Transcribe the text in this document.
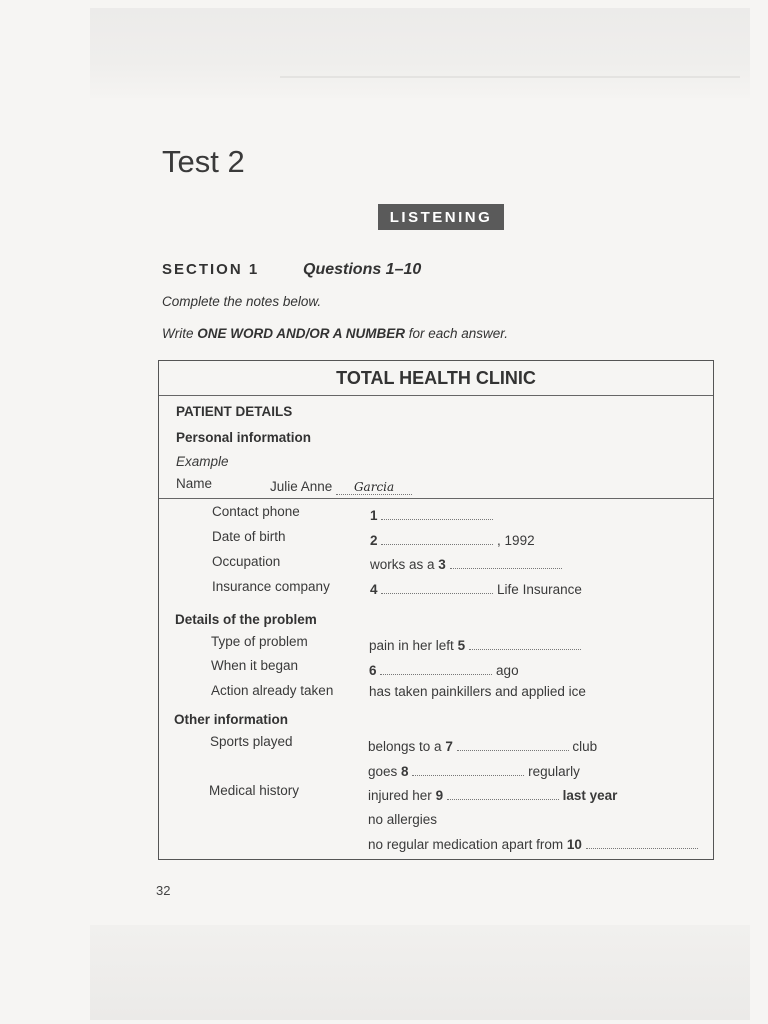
Test 2
LISTENING
SECTION 1	Questions 1–10
Complete the notes below.
Write ONE WORD AND/OR A NUMBER for each answer.
TOTAL HEALTH CLINIC
PATIENT DETAILS
Personal information
Example
Name	Julie Anne Garcia
Contact phone	1
Date of birth	2	, 1992
Occupation	works as a 3
Insurance company	4	Life Insurance
Details of the problem
Type of problem	pain in her left 5
When it began	6	ago
Action already taken	has taken painkillers and applied ice
Other information
Sports played	belongs to a 7	club
goes 8	regularly
Medical history	injured her 9	last year
no allergies
no regular medication apart from 10
32
